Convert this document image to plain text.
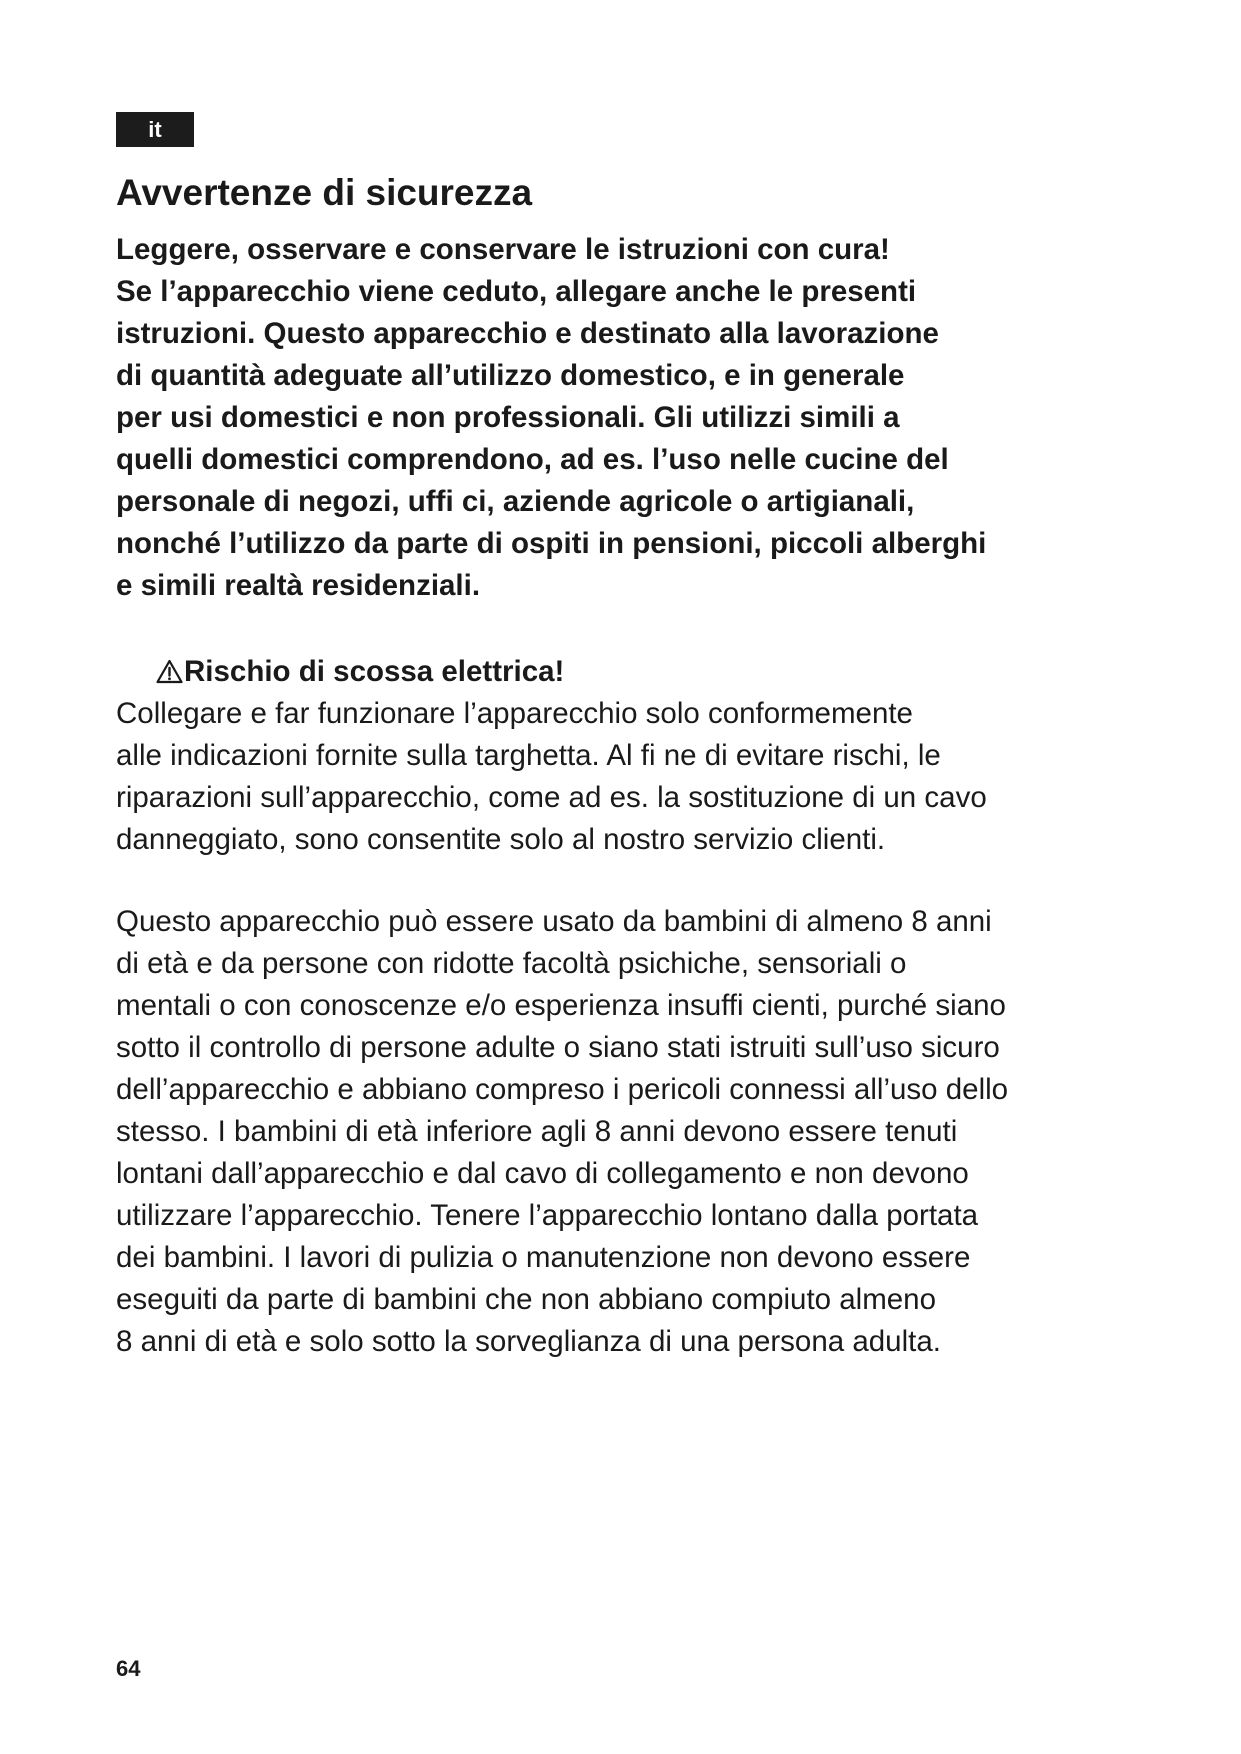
it
Avvertenze di sicurezza
Leggere, osservare e conservare le istruzioni con cura!
Se l’apparecchio viene ceduto, allegare anche le presenti
istruzioni. Questo apparecchio e destinato alla lavorazione
di quantità adeguate all’utilizzo domestico, e in generale
per usi domestici e non professionali. Gli utilizzi simili a
quelli domestici comprendono, ad es. l’uso nelle cucine del
personale di negozi, uffi ci, aziende agricole o artigianali,
nonché l’utilizzo da parte di ospiti in pensioni, piccoli alberghi
e simili realtà residenziali.
Rischio di scossa elettrica!
Collegare e far funzionare l’apparecchio solo conformemente
alle indicazioni fornite sulla targhetta. Al fi ne di evitare rischi, le
riparazioni sull’apparecchio, come ad es. la sostituzione di un cavo
danneggiato, sono consentite solo al nostro servizio clienti.
Questo apparecchio può essere usato da bambini di almeno 8 anni
di età e da persone con ridotte facoltà psichiche, sensoriali o
mentali o con conoscenze e/o esperienza insuffi cienti, purché siano
sotto il controllo di persone adulte o siano stati istruiti sull’uso sicuro
dell’apparecchio e abbiano compreso i pericoli connessi all’uso dello
stesso. I bambini di età inferiore agli 8 anni devono essere tenuti
lontani dall’apparecchio e dal cavo di collegamento e non devono
utilizzare l’apparecchio. Tenere l’apparecchio lontano dalla portata
dei bambini. I lavori di pulizia o manutenzione non devono essere
eseguiti da parte di bambini che non abbiano compiuto almeno
8 anni di età e solo sotto la sorveglianza di una persona adulta.
64
